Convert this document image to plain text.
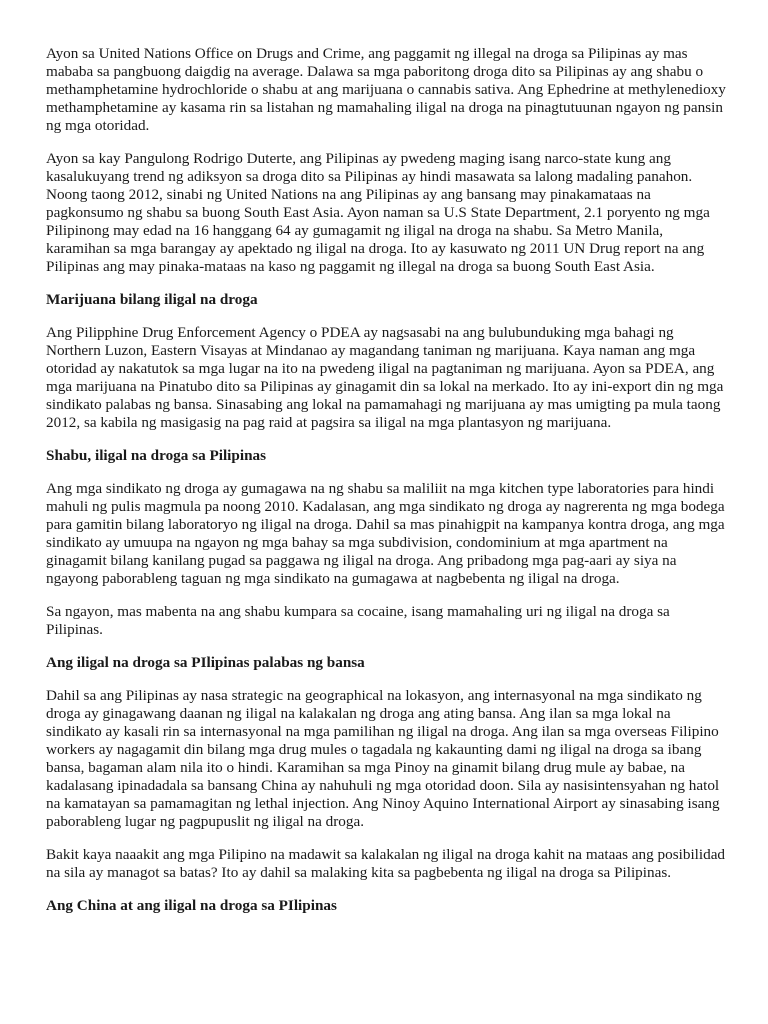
Ayon sa United Nations Office on Drugs and Crime, ang paggamit ng illegal na droga sa Pilipinas ay mas mababa sa pangbuong daigdig na average. Dalawa sa mga paboritong droga dito sa Pilipinas ay ang shabu o methamphetamine hydrochloride o shabu at ang marijuana o cannabis sativa. Ang Ephedrine at methylenedioxy methamphetamine ay kasama rin sa listahan ng mamahaling iligal na droga na pinagtutuunan ngayon ng pansin ng mga otoridad.

Ayon sa kay Pangulong Rodrigo Duterte, ang Pilipinas ay pwedeng maging isang narco-state kung ang kasalukuyang trend ng adiksyon sa droga dito sa Pilipinas ay hindi masawata sa lalong madaling panahon. Noong taong 2012, sinabi ng United Nations na ang Pilipinas ay ang bansang may pinakamataas na pagkonsumo ng shabu sa buong South East Asia. Ayon naman sa U.S State Department, 2.1 poryento ng mga Pilipinong may edad na 16 hanggang 64 ay gumagamit ng iligal na droga na shabu. Sa Metro Manila, karamihan sa mga barangay ay apektado ng iligal na droga. Ito ay kasuwato ng 2011 UN Drug report na ang Pilipinas ang may pinaka-mataas na kaso ng paggamit ng illegal na droga sa buong South East Asia.

Marijuana bilang iligal na droga

Ang Pilipphine Drug Enforcement Agency o PDEA ay nagsasabi na ang bulubunduking mga bahagi ng Northern Luzon, Eastern Visayas at Mindanao ay magandang taniman ng marijuana. Kaya naman ang mga otoridad ay nakatutok sa mga lugar na ito na pwedeng iligal na pagtaniman ng marijuana. Ayon sa PDEA, ang mga marijuana na Pinatubo dito sa Pilipinas ay ginagamit din sa lokal na merkado. Ito ay ini-export din ng mga sindikato palabas ng bansa. Sinasabing ang lokal na pamamahagi ng marijuana ay mas umigting pa mula taong 2012, sa kabila ng masigasig na pag raid at pagsira sa iligal na mga plantasyon ng marijuana.

Shabu, iligal na droga sa Pilipinas

Ang mga sindikato ng droga ay gumagawa na ng shabu sa maliliit na mga kitchen type laboratories para hindi mahuli ng pulis magmula pa noong 2010. Kadalasan, ang mga sindikato ng droga ay nagrerenta ng mga bodega para gamitin bilang laboratoryo ng iligal na droga. Dahil sa mas pinahigpit na kampanya kontra droga, ang mga sindikato ay umuupa na ngayon ng mga bahay sa mga subdivision, condominium at mga apartment na ginagamit bilang kanilang pugad sa paggawa ng iligal na droga. Ang pribadong mga pag-aari ay siya na ngayong paborableng taguan ng mga sindikato na gumagawa at nagbebenta ng iligal na droga.

Sa ngayon, mas mabenta na ang shabu kumpara sa cocaine, isang mamahaling uri ng iligal na droga sa Pilipinas.

Ang iligal na droga sa PIlipinas palabas ng bansa

Dahil sa ang Pilipinas ay nasa strategic na geographical na lokasyon, ang internasyonal na mga sindikato ng droga ay ginagawang daanan ng iligal na kalakalan ng droga ang ating bansa. Ang ilan sa mga lokal na sindikato ay kasali rin sa internasyonal na mga pamilihan ng iligal na droga. Ang ilan sa mga overseas Filipino workers ay nagagamit din bilang mga drug mules o tagadala ng kakaunting dami ng iligal na droga sa ibang bansa, bagaman alam nila ito o hindi. Karamihan sa mga Pinoy na ginamit bilang drug mule ay babae, na kadalasang ipinadadala sa bansang China ay nahuhuli ng mga otoridad doon. Sila ay nasisintensyahan ng hatol na kamatayan sa pamamagitan ng lethal injection. Ang Ninoy Aquino International Airport ay sinasabing isang paborableng lugar ng pagpupuslit ng iligal na droga.

Bakit kaya naaakit ang mga Pilipino na madawit sa kalakalan ng iligal na droga kahit na mataas ang posibilidad na sila ay managot sa batas? Ito ay dahil sa malaking kita sa pagbebenta ng iligal na droga sa Pilipinas.

Ang China at ang iligal na droga sa PIlipinas
